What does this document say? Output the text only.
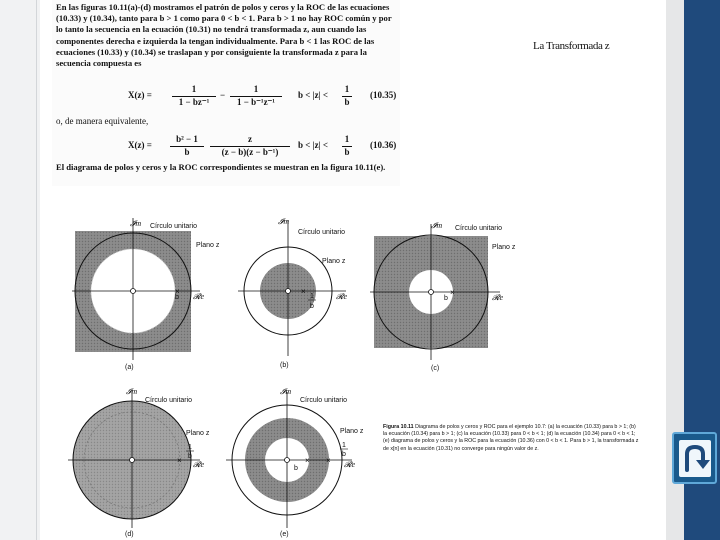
La Transformada z
En las figuras 10.11(a)-(d) mostramos el patrón de polos y ceros y la ROC de las ecuaciones (10.33) y (10.34), tanto para b > 1 como para 0 < b < 1. Para b > 1 no hay ROC común y por lo tanto la secuencia en la ecuación (10.31) no tendrá transformada z, aun cuando las componentes derecha e izquierda la tengan individualmente. Para b < 1 las ROC de las ecuaciones (10.33) y (10.34) se traslapan y por consiguiente la transformada z para la secuencia compuesta es
X(z) =
1
1 − bz⁻¹
−
1
1 − b⁻¹z⁻¹
b < |z| <
1
b
(10.35)
o, de manera equivalente,
X(z) =
b² − 1
b
z
(z − b)(z − b⁻¹)
b < |z| <
1
b
(10.36)
El diagrama de polos y ceros y la ROC correspondientes se muestran en la figura 10.11(e).
×
𝓘m Círculo unitario
Plano z
b 𝓡e
(a)
×
𝓘m
Círculo unitario
Plano z
1
b
𝓡e
(b)
×
𝓘m Círculo unitario
Plano z
b	𝓡e
(c)
×
𝓘m
Círculo unitario
Plano z
1
b
𝓡e
(d)
× ×
𝓘m
Círculo unitario
Plano z
1
b
b	𝓡e
(e)
Figura 10.11 Diagrama de polos y ceros y ROC para el ejemplo 10.7: (a) la ecuación (10.33) para b > 1; (b) la ecuación (10.34) para b > 1; (c) la ecuación (10.33) para 0 < b < 1; (d) la ecuación (10.34) para 0 < b < 1; (e) diagrama de polos y ceros y la ROC para la ecuación (10.36) con 0 < b < 1. Para b > 1, la transformada z de x[n] en la ecuación (10.31) no converge para ningún valor de z.
